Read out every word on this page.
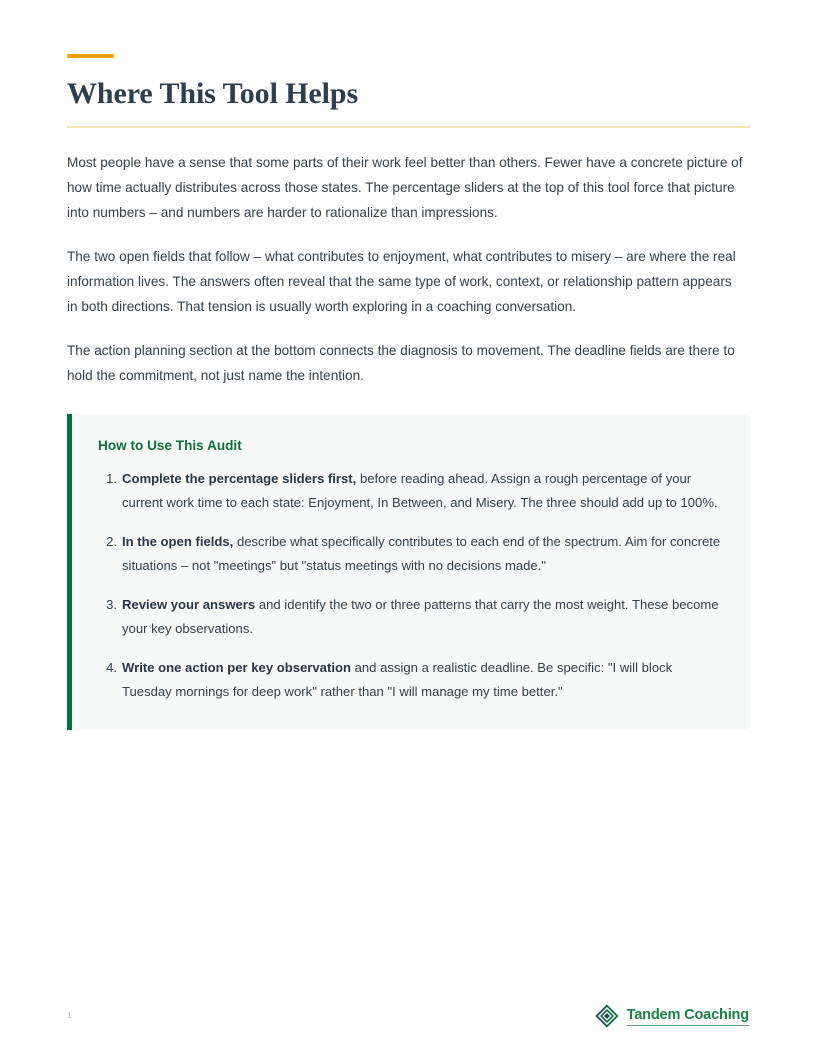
Where This Tool Helps

Most people have a sense that some parts of their work feel better than others. Fewer have a concrete picture of how time actually distributes across those states. The percentage sliders at the top of this tool force that picture into numbers – and numbers are harder to rationalize than impressions.

The two open fields that follow – what contributes to enjoyment, what contributes to misery – are where the real information lives. The answers often reveal that the same type of work, context, or relationship pattern appears in both directions. That tension is usually worth exploring in a coaching conversation.

The action planning section at the bottom connects the diagnosis to movement. The deadline fields are there to hold the commitment, not just name the intention.

How to Use This Audit
Complete the percentage sliders first, before reading ahead. Assign a rough percentage of your current work time to each state: Enjoyment, In Between, and Misery. The three should add up to 100%.
In the open fields, describe what specifically contributes to each end of the spectrum. Aim for concrete situations – not "meetings" but "status meetings with no decisions made."
Review your answers and identify the two or three patterns that carry the most weight. These become your key observations.
Write one action per key observation and assign a realistic deadline. Be specific: "I will block Tuesday mornings for deep work" rather than "I will manage my time better."
1	Tandem Coaching
